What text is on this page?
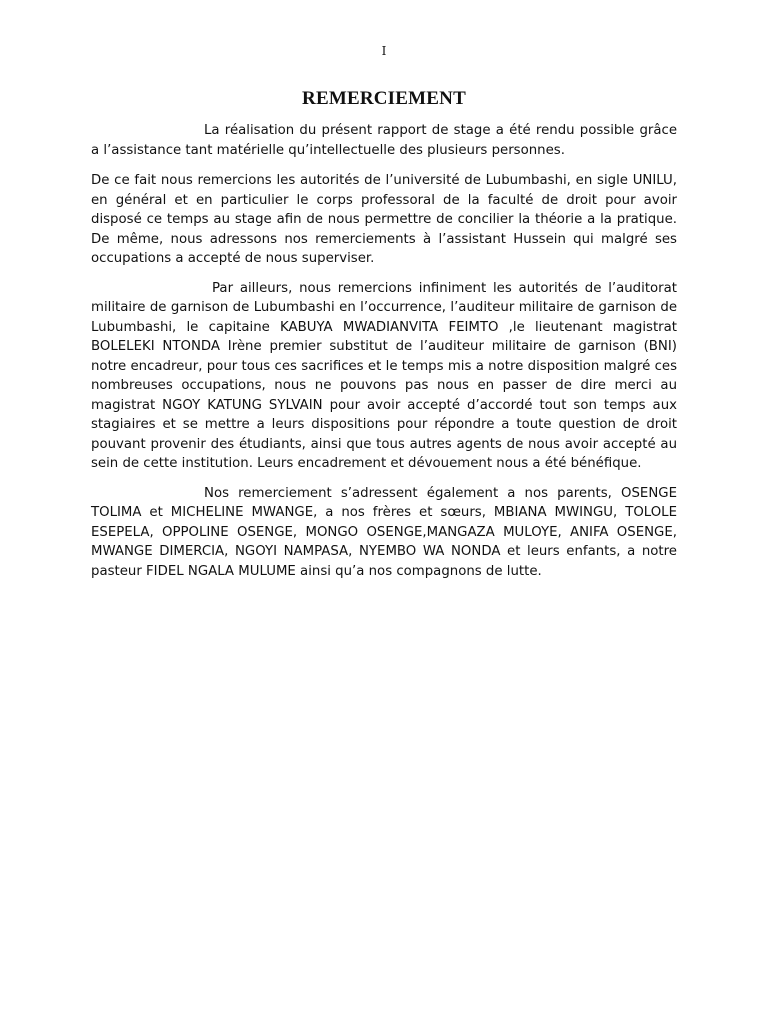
I
REMERCIEMENT

La réalisation du présent rapport de stage a été rendu possible grâce a l’assistance tant matérielle qu’intellectuelle des plusieurs personnes.

De ce fait nous remercions les autorités de l’université de Lubumbashi, en sigle UNILU, en général et en particulier le corps professoral de la faculté de droit pour avoir disposé ce temps au stage afin de nous permettre de concilier la théorie a la pratique. De même, nous adressons nos remerciements à l’assistant Hussein qui malgré ses occupations a accepté de nous superviser.

Par ailleurs, nous remercions infiniment les autorités de l’auditorat militaire de garnison de Lubumbashi en l’occurrence, l’auditeur militaire de garnison de Lubumbashi, le capitaine KABUYA MWADIANVITA FEIMTO ,le lieutenant magistrat BOLELEKI NTONDA Irène premier substitut de l’auditeur militaire de garnison (BNI) notre encadreur, pour tous ces sacrifices et le temps mis a notre disposition malgré ces nombreuses occupations, nous ne pouvons pas nous en passer de dire merci au magistrat NGOY KATUNG SYLVAIN pour avoir accepté d’accordé tout son temps aux stagiaires et se mettre a leurs dispositions pour répondre a toute question de droit pouvant provenir des étudiants, ainsi que tous autres agents de nous avoir accepté au sein de cette institution. Leurs encadrement et dévouement nous a été bénéfique.

Nos remerciement s’adressent également a nos parents, OSENGE TOLIMA et MICHELINE MWANGE, a nos frères et sœurs, MBIANA MWINGU, TOLOLE ESEPELA, OPPOLINE OSENGE, MONGO OSENGE,MANGAZA MULOYE, ANIFA OSENGE, MWANGE DIMERCIA, NGOYI NAMPASA, NYEMBO WA NONDA et leurs enfants, a notre pasteur FIDEL NGALA MULUME ainsi qu’a nos compagnons de lutte.
